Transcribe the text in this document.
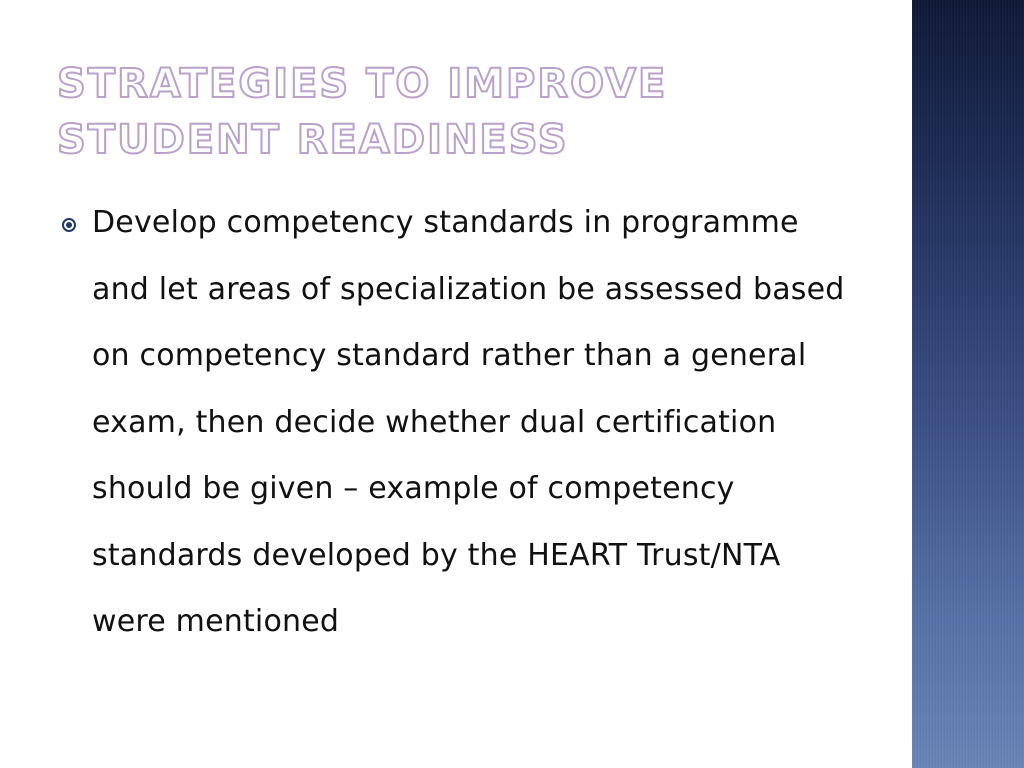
STRATEGIES TO IMPROVE STUDENT READINESS
Develop competency standards in programme and let areas of specialization be assessed based on competency standard rather than a general exam, then decide whether dual certification should be given – example of competency standards developed by the HEART Trust/NTA were mentioned
